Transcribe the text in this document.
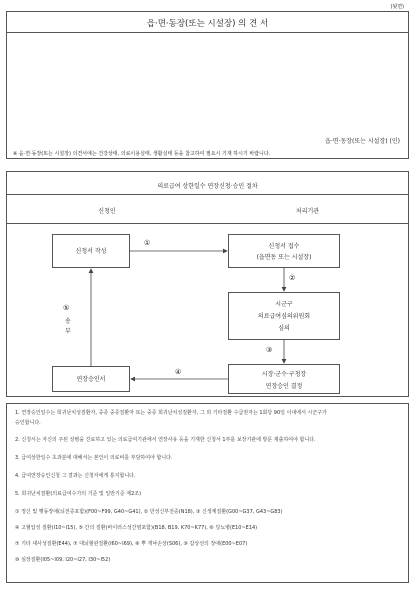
(뒷면)
읍·면·동장(또는 시설장) 의 견 서
읍·면·동장(또는 시설장) (인)
※ 읍·면·동장(또는 시설장) 의견서에는 건강상태, 의료이용실태, 생활실태 등을 참고하여 필요시 기재 하시기 바랍니다.
의료급여 상한일수 연장신청·승인 절차
신청인	처리기관
신청서 작성
신청서 접수
(읍면동 또는 시설장)
시군구
의료급여심의위원회
심의
시장·군수·구청장
연장승인 결정
연장승인서
①
②
③
④
⑤
송
부
1. 연장승인일수는 희귀난치성질환자, 중증 중증질환자 또는 중증 희귀난치성질환자, 그 외 기타질환 수급권자는 1회당 90일 이내에서 시군구가
승인합니다.
2. 신청서는 자신의 주된 상병을 진료하고 있는 의료급여기관에서 연장사유 등을 기재한 신청서 1부를 보장기관에 방문 제출하여야 합니다.
3. 급여상한일수 초과분에 대해서는 본인이 의료비를 부담하여야 합니다.
4. 급여연장승인신청 그 결과는 신청자에게 통지합니다.
5. 희귀난치질환(의료급여수가의 기준 및 일반기준 제2조)
① 정신 및 행동장애(뇌전증포함)(F00~F99, G40~G41), ② 만성신부전증(N18), ③ 신생계질환(G00~G37, G43~G83)
④ 고혈압성 질환(I10~I15), ⑤ 간의 질환(바이러스성간염포함)(B18, B19, K70~K77), ⑥ 당뇨병(E10~E14)
⑦ 기타 대사성질환(E44), ⑦ 대뇌혈관질환(I60~I69), ⑧ 뿌 개낙손상(S06), ⑨ 갑상선의 장애(E00~E07)
⑩ 심장질환(I05~I09, I20~I27, I30~I52)
